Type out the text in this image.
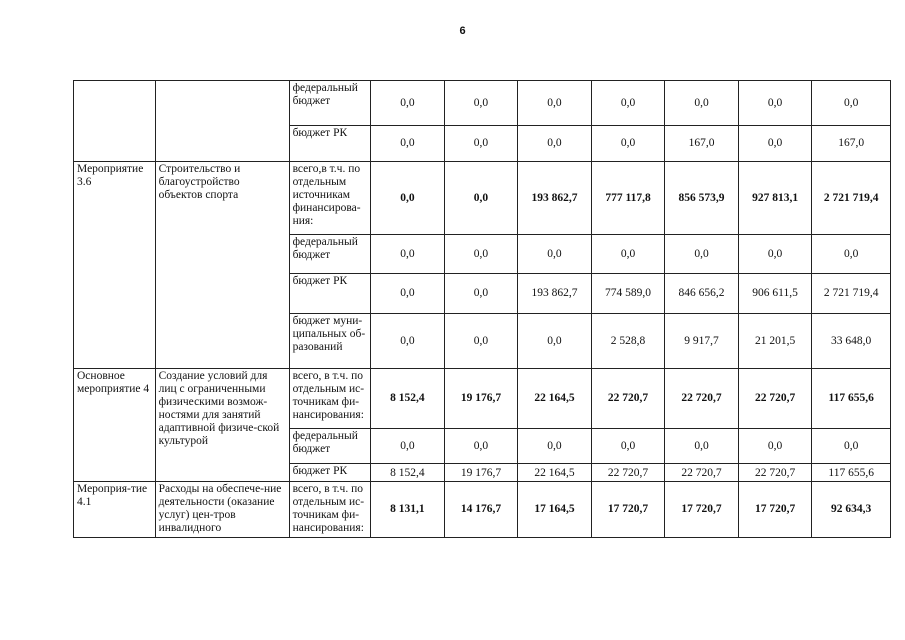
6
		федеральный бюджет	0,0	0,0	0,0	0,0	0,0	0,0	0,0
		бюджет РК	0,0	0,0	0,0	0,0	167,0	0,0	167,0
Мероприятие 3.6	Строительство и благоустройство объектов спорта	всего,в т.ч. по отдельным источникам финансирова-ния:	0,0	0,0	193 862,7	777 117,8	856 573,9	927 813,1	2 721 719,4
		федеральный бюджет	0,0	0,0	0,0	0,0	0,0	0,0	0,0
		бюджет РК	0,0	0,0	193 862,7	774 589,0	846 656,2	906 611,5	2 721 719,4
		бюджет муни-ципальных об-разований	0,0	0,0	0,0	2 528,8	9 917,7	21 201,5	33 648,0
Основное мероприятие 4	Создание условий для лиц с ограниченными физическими возмож-ностями для занятий адаптивной физиче-ской культурой	всего, в т.ч. по отдельным ис-точникам фи-нансирования:	8 152,4	19 176,7	22 164,5	22 720,7	22 720,7	22 720,7	117 655,6
		федеральный бюджет	0,0	0,0	0,0	0,0	0,0	0,0	0,0
		бюджет РК	8 152,4	19 176,7	22 164,5	22 720,7	22 720,7	22 720,7	117 655,6
Мероприя-тие 4.1	Расходы на обеспече-ние деятельности (оказание услуг) цен-тров инвалидного	всего, в т.ч. по отдельным ис-точникам фи-нансирования:	8 131,1	14 176,7	17 164,5	17 720,7	17 720,7	17 720,7	92 634,3
